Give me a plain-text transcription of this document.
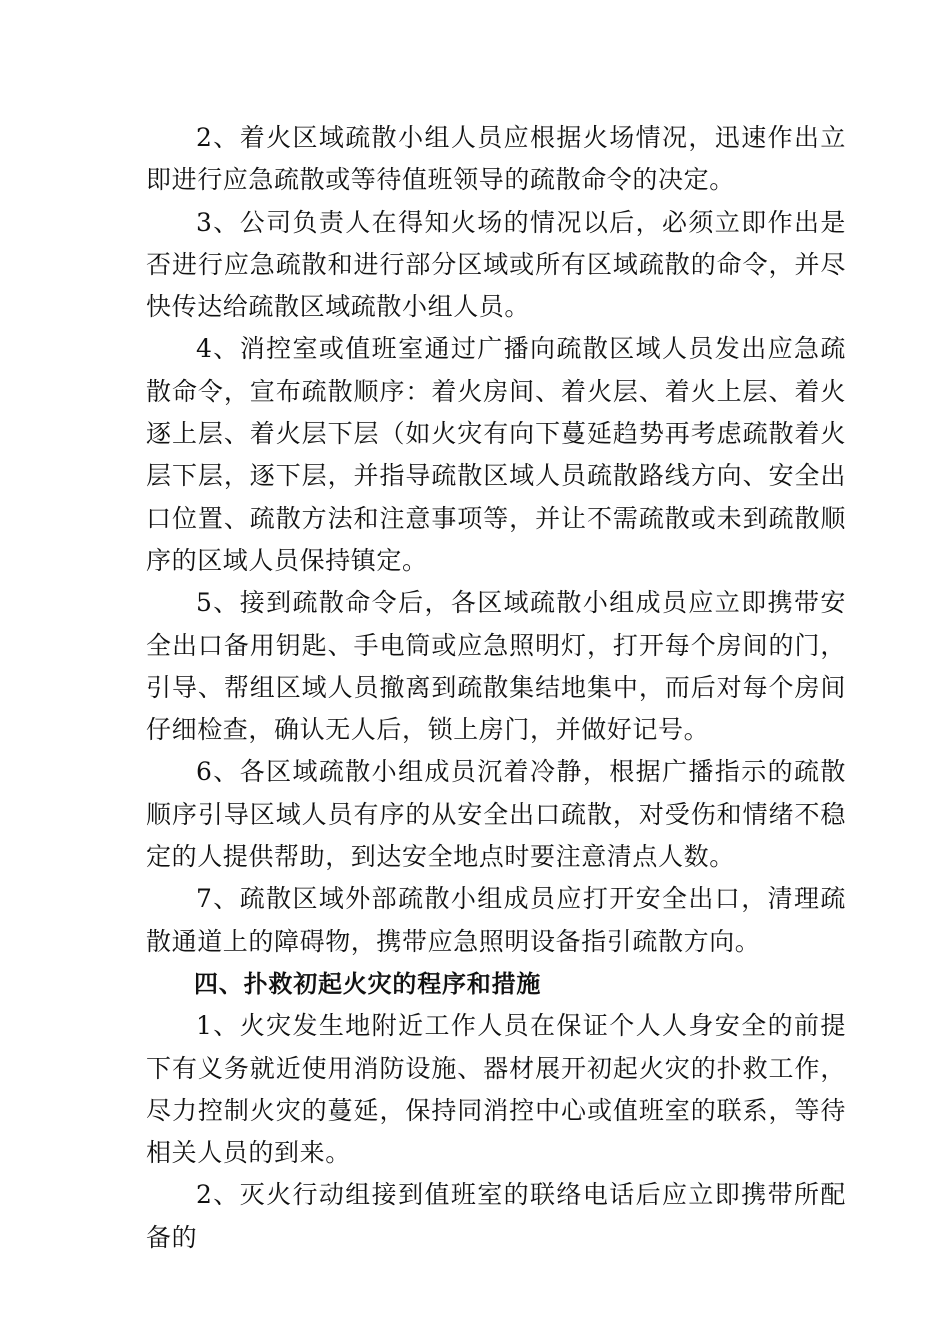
2、着火区域疏散小组人员应根据火场情况，迅速作出立即进行应急疏散或等待值班领导的疏散命令的决定。

3、公司负责人在得知火场的情况以后，必须立即作出是否进行应急疏散和进行部分区域或所有区域疏散的命令，并尽快传达给疏散区域疏散小组人员。

4、消控室或值班室通过广播向疏散区域人员发出应急疏散命令，宣布疏散顺序：着火房间、着火层、着火上层、着火逐上层、着火层下层（如火灾有向下蔓延趋势再考虑疏散着火层下层，逐下层，并指导疏散区域人员疏散路线方向、安全出口位置、疏散方法和注意事项等，并让不需疏散或未到疏散顺序的区域人员保持镇定。

5、接到疏散命令后，各区域疏散小组成员应立即携带安全出口备用钥匙、手电筒或应急照明灯，打开每个房间的门，引导、帮组区域人员撤离到疏散集结地集中，而后对每个房间仔细检查，确认无人后，锁上房门，并做好记号。

6、各区域疏散小组成员沉着冷静，根据广播指示的疏散顺序引导区域人员有序的从安全出口疏散，对受伤和情绪不稳定的人提供帮助，到达安全地点时要注意清点人数。

7、疏散区域外部疏散小组成员应打开安全出口，清理疏散通道上的障碍物，携带应急照明设备指引疏散方向。

四、扑救初起火灾的程序和措施

1、火灾发生地附近工作人员在保证个人人身安全的前提下有义务就近使用消防设施、器材展开初起火灾的扑救工作，尽力控制火灾的蔓延，保持同消控中心或值班室的联系，等待相关人员的到来。

2、灭火行动组接到值班室的联络电话后应立即携带所配备的
